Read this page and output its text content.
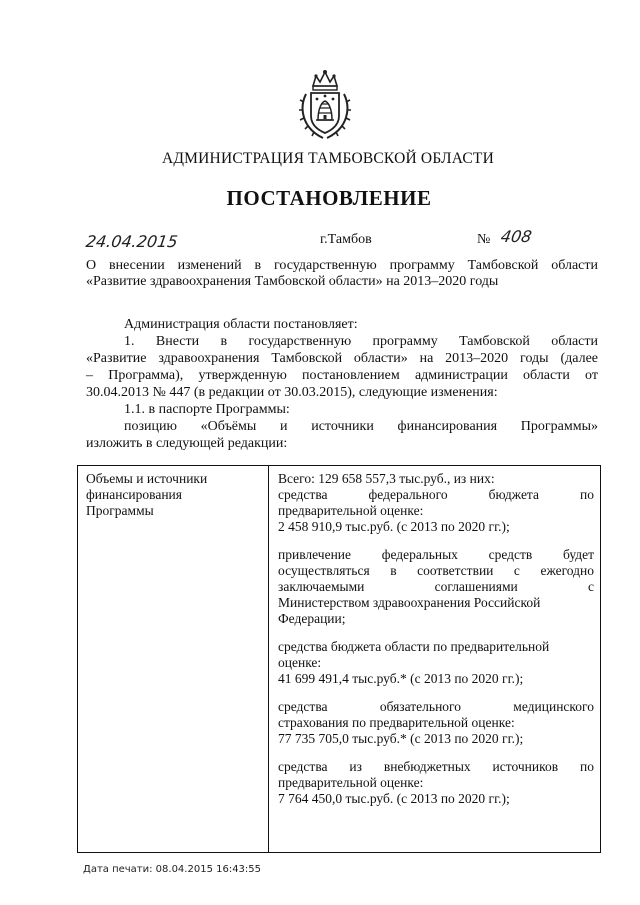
АДМИНИСТРАЦИЯ ТАМБОВСКОЙ ОБЛАСТИ
ПОСТАНОВЛЕНИЕ
24.04.2015	г.Тамбов	№ 408
О внесении изменений в государственную программу Тамбовской области
«Развитие здравоохранения Тамбовской области» на 2013–2020 годы

Администрация области постановляет:

1. Внести в государственную программу Тамбовской области

«Развитие здравоохранения Тамбовской области» на 2013–2020 годы (далее

– Программа), утвержденную постановлением администрации области от

30.04.2013 № 447 (в редакции от 30.03.2015), следующие изменения:

1.1. в паспорте Программы:

позицию «Объёмы и источники финансирования Программы»

изложить в следующей редакции:

Объемы и источники
финансирования
Программы
Всего: 129 658 557,3 тыс.руб., из них:
средства федерального бюджета по
предварительной оценке:
2 458 910,9 тыс.руб. (с 2013 по 2020 гг.);
привлечение федеральных средств будет
осуществляться в соответствии с ежегодно
заключаемыми соглашениями с
Министерством здравоохранения Российской
Федерации;
средства бюджета области по предварительной
оценке:
41 699 491,4 тыс.руб.* (с 2013 по 2020 гг.);
средства обязательного медицинского
страхования по предварительной оценке:
77 735 705,0 тыс.руб.* (с 2013 по 2020 гг.);
средства из внебюджетных источников по
предварительной оценке:
7 764 450,0 тыс.руб. (с 2013 по 2020 гг.);
Дата печати: 08.04.2015 16:43:55
